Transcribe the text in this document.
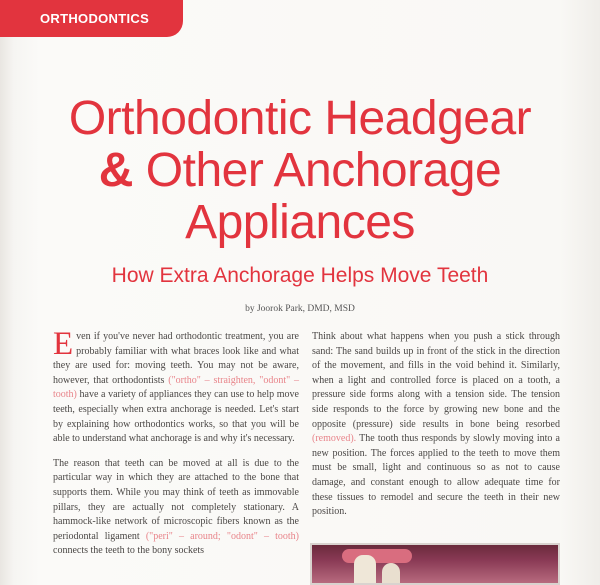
ORTHODONTICS
Orthodontic Headgear
& Other Anchorage
Appliances
How Extra Anchorage Helps Move Teeth
by Joorok Park, DMD, MSD

Even if you've never had orthodontic treatment, you are probably familiar with what braces look like and what they are used for: moving teeth. You may not be aware, however, that orthodontists ("ortho" – straighten, "odont" – tooth) have a variety of appliances they can use to help move teeth, especially when extra anchorage is needed. Let's start by explaining how orthodontics works, so that you will be able to understand what anchorage is and why it's necessary.

The reason that teeth can be moved at all is due to the particular way in which they are attached to the bone that supports them. While you may think of teeth as immovable pillars, they are actually not completely stationary. A hammock-like network of microscopic fibers known as the periodontal ligament ("peri" – around; "odont" – tooth) connects the teeth to the bony sockets

Think about what happens when you push a stick through sand: The sand builds up in front of the stick in the direction of the movement, and fills in the void behind it. Similarly, when a light and controlled force is placed on a tooth, a pressure side forms along with a tension side. The tension side responds to the force by growing new bone and the opposite (pressure) side results in bone being resorbed (removed). The tooth thus responds by slowly moving into a new position. The forces applied to the teeth to move them must be small, light and continuous so as not to cause damage, and constant enough to allow adequate time for these tissues to remodel and secure the teeth in their new position.
